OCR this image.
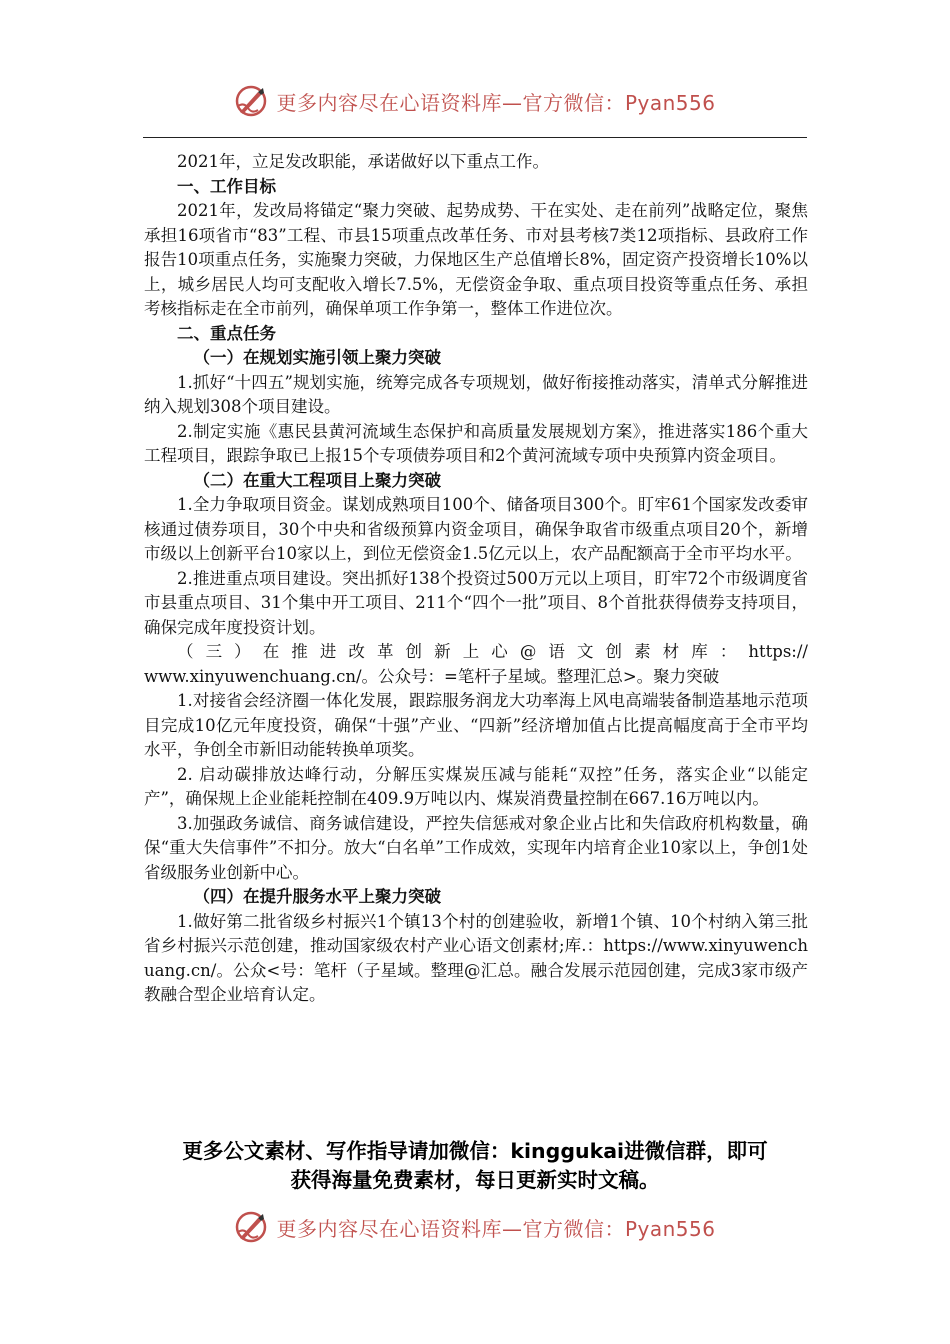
更多内容尽在心语资料库—官方微信：Pyan556

2021年，立足发改职能，承诺做好以下重点工作。

一、工作目标

2021年，发改局将锚定“聚力突破、起势成势、干在实处、走在前列”战略定位，聚焦承担16项省市“83”工程、市县15项重点改革任务、市对县考核7类12项指标、县政府工作报告10项重点任务，实施聚力突破，力保地区生产总值增长8%，固定资产投资增长10%以上，城乡居民人均可支配收入增长7.5%，无偿资金争取、重点项目投资等重点任务、承担考核指标走在全市前列，确保单项工作争第一，整体工作进位次。

二、重点任务

（一）在规划实施引领上聚力突破

1.抓好“十四五”规划实施，统筹完成各专项规划，做好衔接推动落实，清单式分解推进纳入规划308个项目建设。

2.制定实施《惠民县黄河流域生态保护和高质量发展规划方案》，推进落实186个重大工程项目，跟踪争取已上报15个专项债券项目和2个黄河流域专项中央预算内资金项目。

（二）在重大工程项目上聚力突破

1.全力争取项目资金。谋划成熟项目100个、储备项目300个。盯牢61个国家发改委审核通过债券项目，30个中央和省级预算内资金项目，确保争取省市级重点项目20个，新增市级以上创新平台10家以上，到位无偿资金1.5亿元以上，农产品配额高于全市平均水平。

2.推进重点项目建设。突出抓好138个投资过500万元以上项目，盯牢72个市级调度省市县重点项目、31个集中开工项目、211个“四个一批”项目、8个首批获得债券支持项目，确保完成年度投资计划。

（三）在推进改革创新上心@语文创素材库：https://

www.xinyuwenchuang.cn/。公众号：=笔杆子星域。整理汇总>。聚力突破

1.对接省会经济圈一体化发展，跟踪服务润龙大功率海上风电高端装备制造基地示范项目完成10亿元年度投资，确保“十强”产业、“四新”经济增加值占比提高幅度高于全市平均水平，争创全市新旧动能转换单项奖。

2. 启动碳排放达峰行动，分解压实煤炭压减与能耗“双控”任务，落实企业“以能定产”，确保规上企业能耗控制在409.9万吨以内、煤炭消费量控制在667.16万吨以内。

3.加强政务诚信、商务诚信建设，严控失信惩戒对象企业占比和失信政府机构数量，确保“重大失信事件”不扣分。放大“白名单”工作成效，实现年内培育企业10家以上，争创1处省级服务业创新中心。

（四）在提升服务水平上聚力突破

1.做好第二批省级乡村振兴1个镇13个村的创建验收，新增1个镇、10个村纳入第三批省乡村振兴示范创建，推动国家级农村产业心语文创素材;库.：https://www.xinyuwenchuang.cn/。公众<号：笔杆（子星域。整理@汇总。融合发展示范园创建，完成3家市级产教融合型企业培育认定。

更多公文素材、写作指导请加微信：kinggukai进微信群，即可
获得海量免费素材，每日更新实时文稿。
更多内容尽在心语资料库—官方微信：Pyan556
